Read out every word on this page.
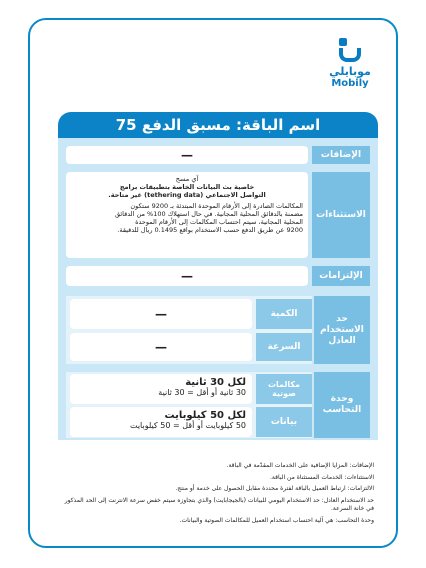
موبايلي
Mobily
اسم الباقة: مسبق الدفع 75
الإضافات
—
الاستثناءات
آي مسج
خاصية بث البيانات الخاصة بتطبيقات برامج
التواصل الاجتماعي (tethering data) غير متاحة.
المكالمات الصادرة إلى الأرقام الموحدة المبتدئة بـ 9200 ستكون
مضمنة بالدقائق المحلية المجانية. في حال استهلاك 100% من الدقائق
المحلية المجانية، سيتم احتساب المكالمات إلى الأرقام الموحدة
9200 عن طريق الدفع حسب الاستخدام بواقع 0.1495 ريال للدقيقة.
الإلتزامات
—
حد الاستخدام العادل
الكمية
—
السرعة
—
وحدة التحاسب
مكالمات صوتية
لكل 30 ثانية
30 ثانية أو أقل = 30 ثانية
بيانات
لكل 50 كيلوبايت
50 كيلوبايت أو أقل = 50 كيلوبايت

الإضافات: المزايا الإضافية على الخدمات المقدّمة في الباقة.

الاستثناءات: الخدمات المستثناة من الباقة.

الالتزامات: ارتباط العميل بالباقة لفترة محددة مقابل الحصول على خدمة أو منتج.

حد الاستخدام العادل: حد الاستخدام اليومي للبيانات (بالجيجابايت) والذي بتجاوزه سيتم خفض سرعة الانترنت إلى الحد المذكور في خانة السرعة.

وحدة التحاسب: هي آلية احتساب استخدام العميل للمكالمات الصوتية والبيانات.
